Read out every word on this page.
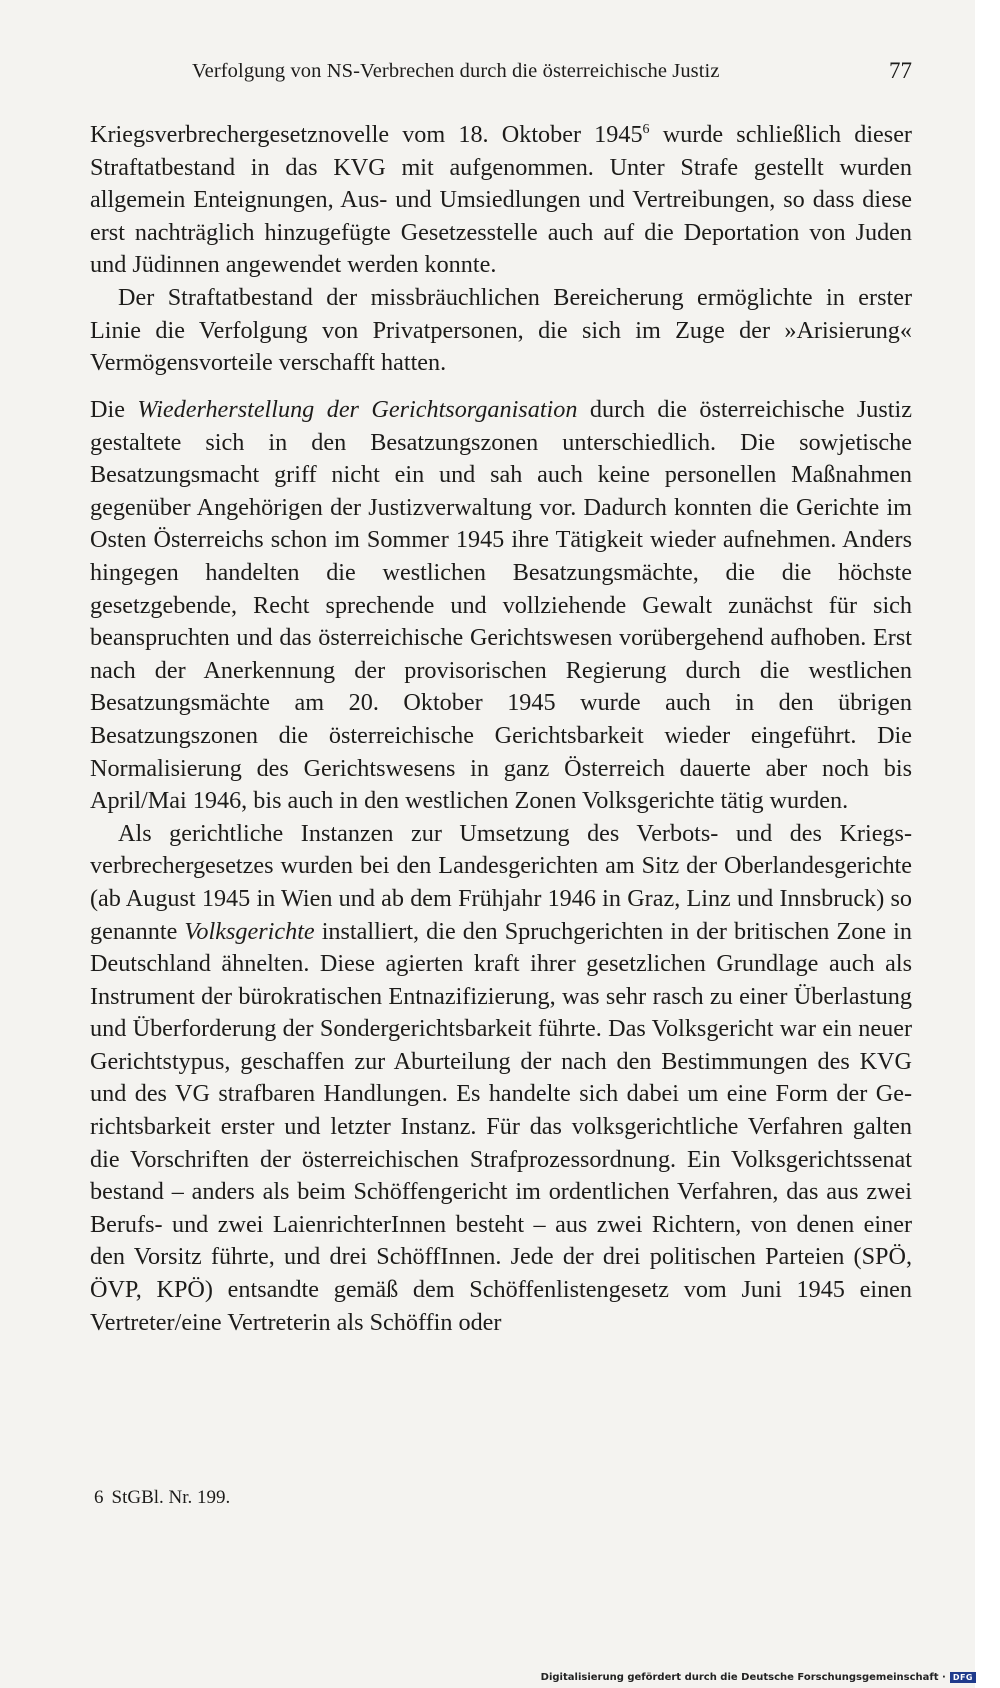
Verfolgung von NS-Verbrechen durch die österreichische Justiz	77

Kriegsverbrechergesetznovelle vom 18. Oktober 1945$^6$ wurde schließlich dieser Straftatbestand in das KVG mit aufgenommen. Unter Strafe gestellt wurden allgemein Enteignungen, Aus- und Umsiedlungen und Vertreibungen, so dass diese erst nachträglich hinzugefügte Gesetzesstelle auch auf die Deportation von Juden und Jüdinnen angewendet werden konnte.

Der Straftatbestand der missbräuchlichen Bereicherung ermöglichte in erster Linie die Verfolgung von Privatpersonen, die sich im Zuge der »Arisierung« Vermögensvorteile verschafft hatten.

Die Wiederherstellung der Gerichtsorganisation durch die österreichische Justiz gestaltete sich in den Besatzungszonen unterschiedlich. Die sowjetische Besatzungsmacht griff nicht ein und sah auch keine personellen Maßnahmen gegenüber Angehörigen der Justizverwaltung vor. Dadurch konnten die Gerichte im Osten Österreichs schon im Sommer 1945 ihre Tätigkeit wieder aufnehmen. Anders hingegen handelten die westlichen Besatzungsmächte, die die höchste gesetzgebende, Recht sprechende und vollziehende Gewalt zunächst für sich beanspruchten und das österreichische Gerichtswesen vorübergehend aufhoben. Erst nach der Anerkennung der provisorischen Regierung durch die westlichen Besatzungsmächte am 20. Oktober 1945 wurde auch in den übrigen Besatzungszonen die österreichische Gerichtsbarkeit wieder eingeführt. Die Normalisierung des Gerichtswesens in ganz Österreich dauerte aber noch bis April/Mai 1946, bis auch in den westlichen Zonen Volksgerichte tätig wurden.

Als gerichtliche Instanzen zur Umsetzung des Verbots- und des Kriegsverbrechergesetzes wurden bei den Landesgerichten am Sitz der Oberlandesgerichte (ab August 1945 in Wien und ab dem Frühjahr 1946 in Graz, Linz und Innsbruck) so genannte Volksgerichte installiert, die den Spruchgerichten in der britischen Zone in Deutschland ähnelten. Diese agierten kraft ihrer gesetzlichen Grundlage auch als Instrument der bürokratischen Entnazifizierung, was sehr rasch zu einer Überlastung und Überforderung der Sondergerichtsbarkeit führte. Das Volksgericht war ein neuer Gerichtstypus, geschaffen zur Aburteilung der nach den Bestimmungen des KVG und des VG strafbaren Handlungen. Es handelte sich dabei um eine Form der Gerichtsbarkeit erster und letzter Instanz. Für das volksgerichtliche Verfahren galten die Vorschriften der österreichischen Strafprozessordnung. Ein Volksgerichtssenat bestand – anders als beim Schöffengericht im ordentlichen Verfahren, das aus zwei Berufs- und zwei LaienrichterInnen besteht – aus zwei Richtern, von denen einer den Vorsitz führte, und drei SchöffInnen. Jede der drei politischen Parteien (SPÖ, ÖVP, KPÖ) entsandte gemäß dem Schöffenlistengesetz vom Juni 1945 einen Vertreter/eine Vertreterin als Schöffin oder

6 StGBl. Nr. 199.
Digitalisierung gefördert durch die Deutsche Forschungsgemeinschaft · DFG
